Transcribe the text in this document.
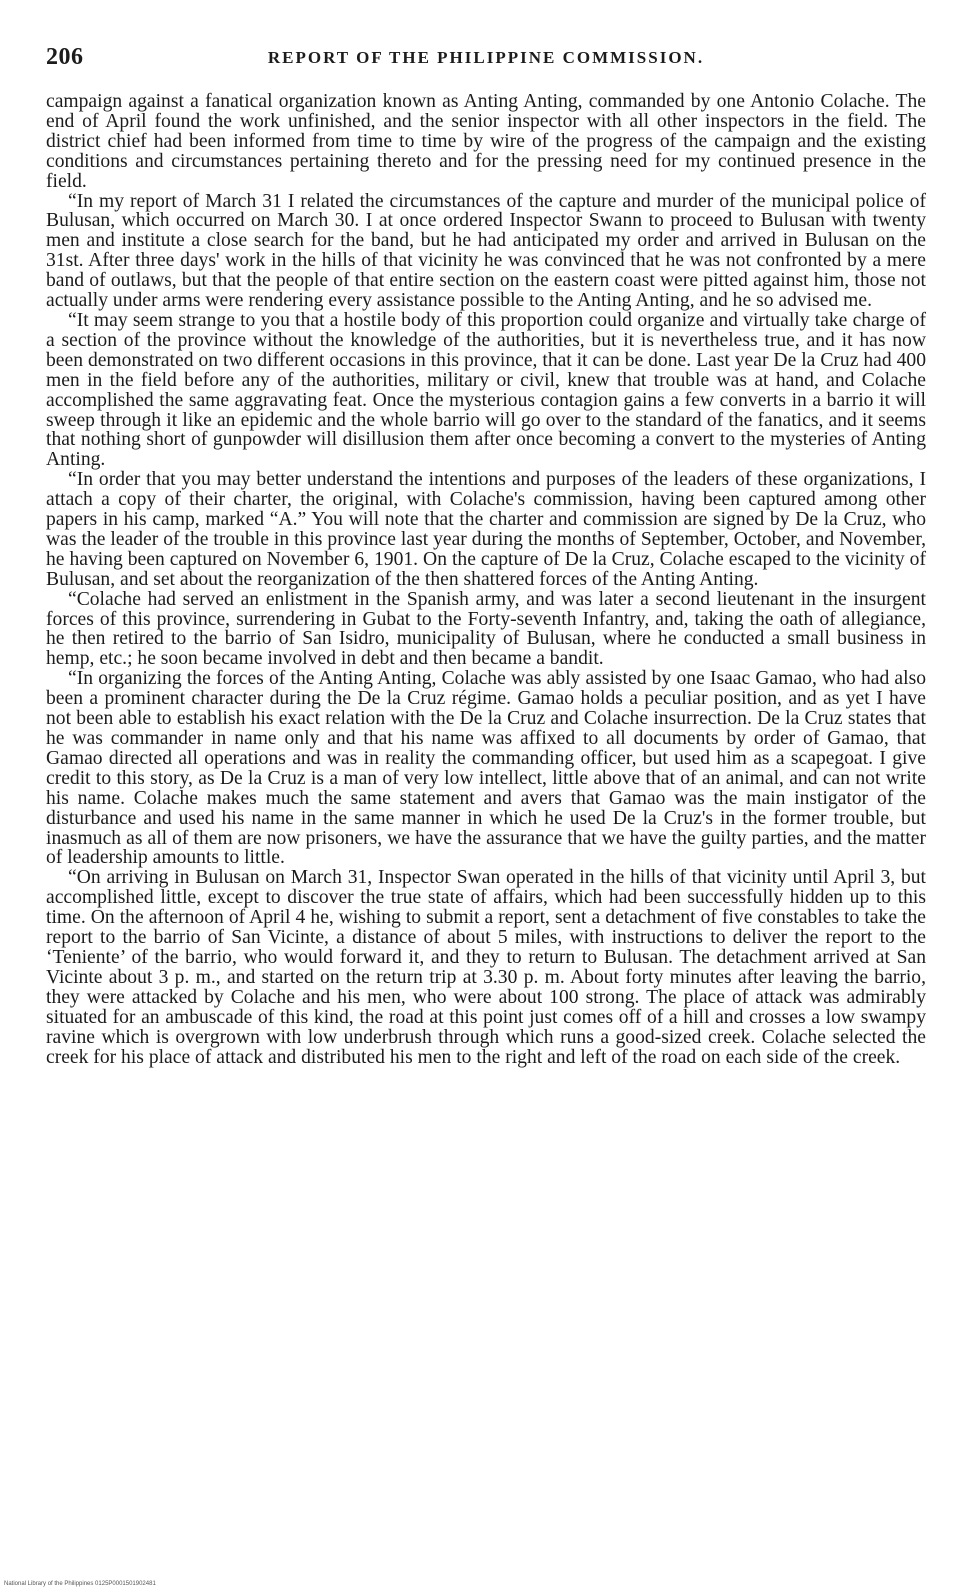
206	REPORT OF THE PHILIPPINE COMMISSION.

campaign against a fanatical organization known as Anting Anting, commanded by one Antonio Colache. The end of April found the work unfinished, and the senior inspector with all other inspectors in the field. The district chief had been informed from time to time by wire of the progress of the campaign and the existing conditions and circumstances pertaining thereto and for the pressing need for my continued presence in the field.

“In my report of March 31 I related the circumstances of the capture and murder of the municipal police of Bulusan, which occurred on March 30. I at once ordered Inspector Swann to proceed to Bulusan with twenty men and institute a close search for the band, but he had anticipated my order and arrived in Bulusan on the 31st. After three days' work in the hills of that vicinity he was convinced that he was not confronted by a mere band of outlaws, but that the people of that entire section on the eastern coast were pitted against him, those not actually under arms were rendering every assistance possible to the Anting Anting, and he so advised me.

“It may seem strange to you that a hostile body of this proportion could organize and virtually take charge of a section of the province without the knowledge of the authorities, but it is nevertheless true, and it has now been demonstrated on two different occasions in this province, that it can be done. Last year De la Cruz had 400 men in the field before any of the authorities, military or civil, knew that trouble was at hand, and Colache accomplished the same aggravating feat. Once the mysterious contagion gains a few converts in a barrio it will sweep through it like an epidemic and the whole barrio will go over to the standard of the fanatics, and it seems that nothing short of gunpowder will disillusion them after once becoming a convert to the mysteries of Anting Anting.

“In order that you may better understand the intentions and purposes of the leaders of these organizations, I attach a copy of their charter, the original, with Colache's commission, having been captured among other papers in his camp, marked “A.” You will note that the charter and commission are signed by De la Cruz, who was the leader of the trouble in this province last year during the months of September, October, and November, he having been captured on November 6, 1901. On the capture of De la Cruz, Colache escaped to the vicinity of Bulusan, and set about the reorganization of the then shattered forces of the Anting Anting.

“Colache had served an enlistment in the Spanish army, and was later a second lieutenant in the insurgent forces of this province, surrendering in Gubat to the Forty-seventh Infantry, and, taking the oath of allegiance, he then retired to the barrio of San Isidro, municipality of Bulusan, where he conducted a small business in hemp, etc.; he soon became involved in debt and then became a bandit.

“In organizing the forces of the Anting Anting, Colache was ably assisted by one Isaac Gamao, who had also been a prominent character during the De la Cruz régime. Gamao holds a peculiar position, and as yet I have not been able to establish his exact relation with the De la Cruz and Colache insurrection. De la Cruz states that he was commander in name only and that his name was affixed to all documents by order of Gamao, that Gamao directed all operations and was in reality the commanding officer, but used him as a scapegoat. I give credit to this story, as De la Cruz is a man of very low intellect, little above that of an animal, and can not write his name. Colache makes much the same statement and avers that Gamao was the main instigator of the disturbance and used his name in the same manner in which he used De la Cruz's in the former trouble, but inasmuch as all of them are now prisoners, we have the assurance that we have the guilty parties, and the matter of leadership amounts to little.

“On arriving in Bulusan on March 31, Inspector Swan operated in the hills of that vicinity until April 3, but accomplished little, except to discover the true state of affairs, which had been successfully hidden up to this time. On the afternoon of April 4 he, wishing to submit a report, sent a detachment of five constables to take the report to the barrio of San Vicinte, a distance of about 5 miles, with instructions to deliver the report to the ‘Teniente’ of the barrio, who would forward it, and they to return to Bulusan. The detachment arrived at San Vicinte about 3 p. m., and started on the return trip at 3.30 p. m. About forty minutes after leaving the barrio, they were attacked by Colache and his men, who were about 100 strong. The place of attack was admirably situated for an ambuscade of this kind, the road at this point just comes off of a hill and crosses a low swampy ravine which is overgrown with low underbrush through which runs a good-sized creek. Colache selected the creek for his place of attack and distributed his men to the right and left of the road on each side of the creek.

National Library of the Philippines 0125P0001501902481
